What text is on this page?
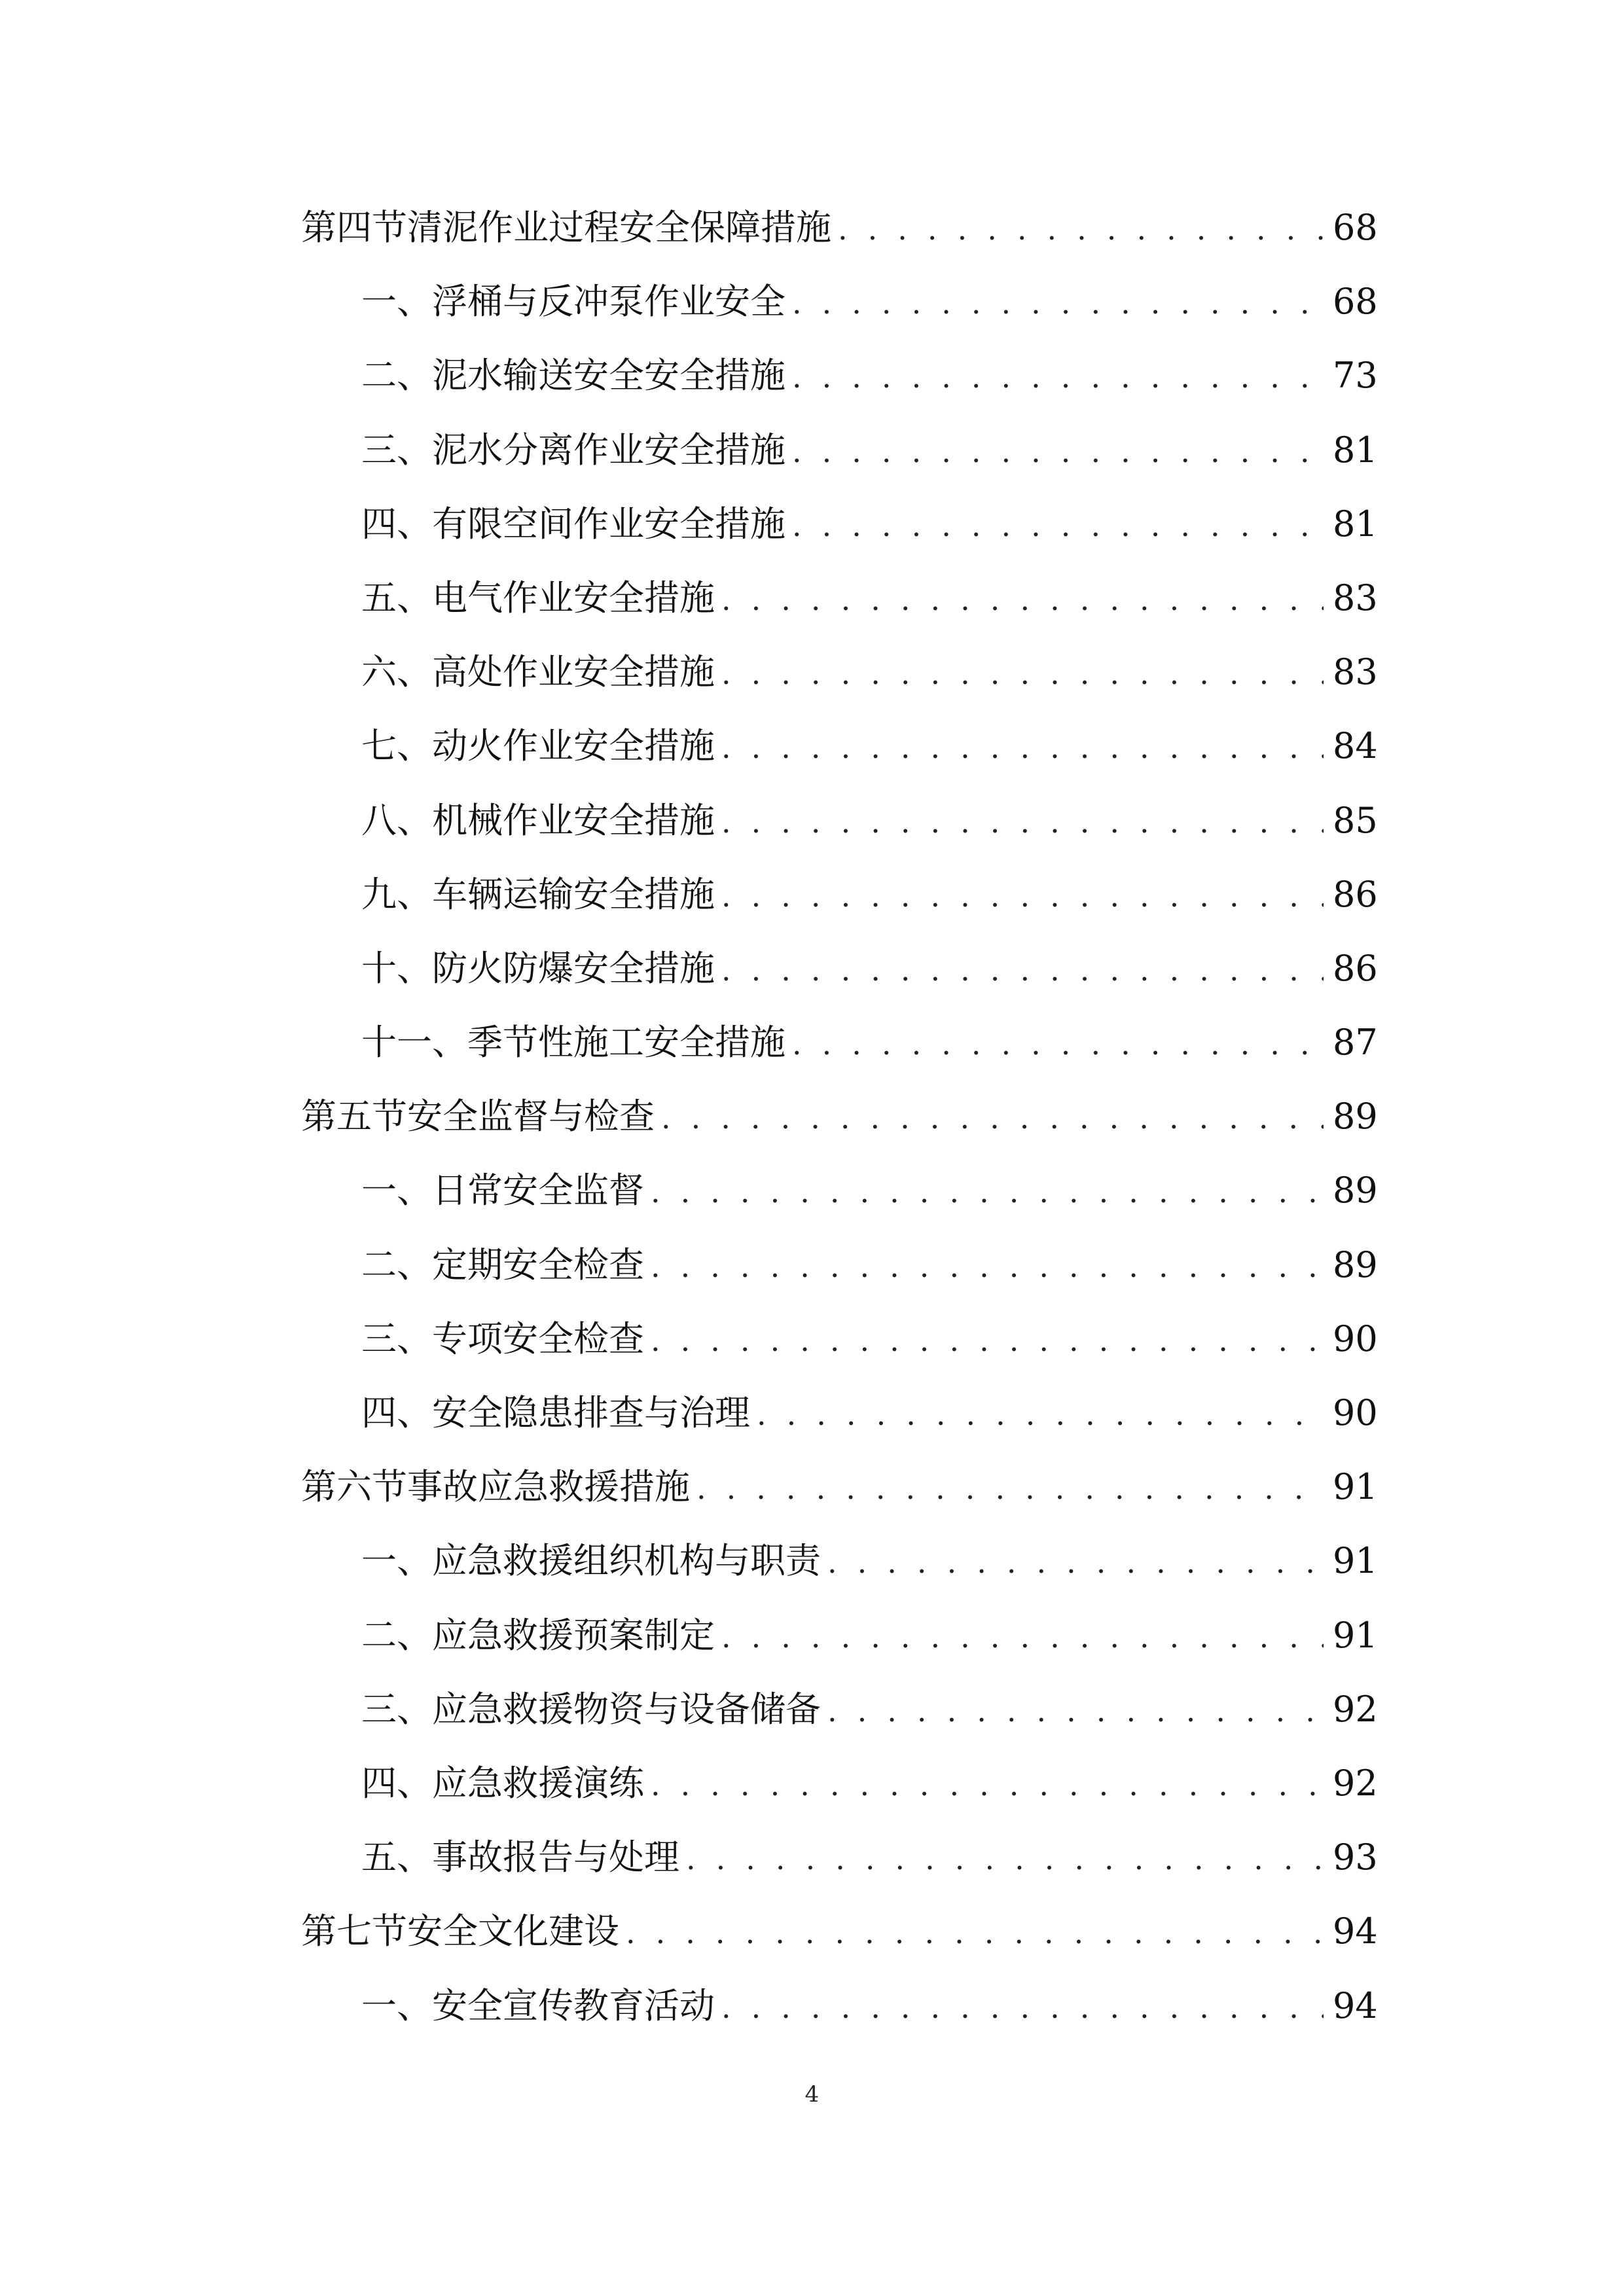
第四节 清泥作业过程安全保障措施 . . .	68
一、 浮桶与反冲泵作业安全 . . .	68
二、 泥水输送安全安全措施 . . .	73
三、 泥水分离作业安全措施 . . .	81
四、 有限空间作业安全措施 . . .	81
五、 电气作业安全措施 . . .	83
六、 高处作业安全措施 . . .	83
七、 动火作业安全措施 . . .	84
八、 机械作业安全措施 . . .	85
九、 车辆运输安全措施 . . .	86
十、 防火防爆安全措施 . . .	86
十一、 季节性施工安全措施 . . .	87
第五节 安全监督与检查 . . .	89
一、 日常安全监督 . . .	89
二、 定期安全检查 . . .	89
三、 专项安全检查 . . .	90
四、 安全隐患排查与治理 . . .	90
第六节 事故应急救援措施 . . .	91
一、 应急救援组织机构与职责 . . .	91
二、 应急救援预案制定 . . .	91
三、 应急救援物资与设备储备 . . .	92
四、 应急救援演练 . . .	92
五、 事故报告与处理 . . .	93
第七节 安全文化建设 . . .	94
一、 安全宣传教育活动 . . .	94
4
